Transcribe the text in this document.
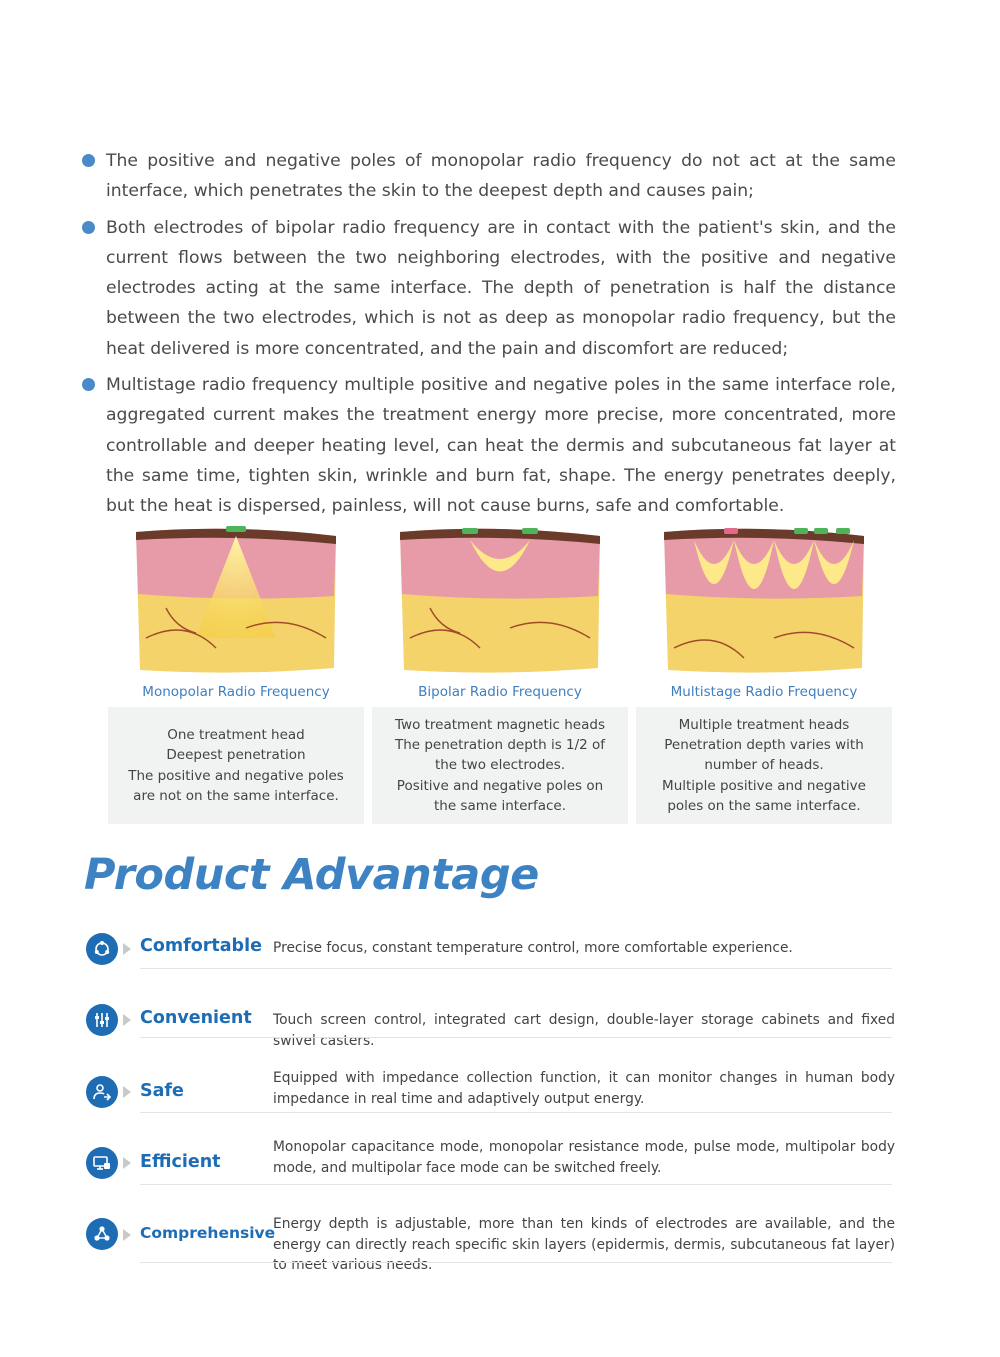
The positive and negative poles of monopolar radio frequency do not act at the same interface, which penetrates the skin to the deepest depth and causes pain;
Both electrodes of bipolar radio frequency are in contact with the patient's skin, and the current flows between the two neighboring electrodes, with the positive and negative electrodes acting at the same interface. The depth of penetration is half the distance between the two electrodes, which is not as deep as monopolar radio frequency, but the heat delivered is more concentrated, and the pain and discomfort are reduced;
Multistage radio frequency multiple positive and negative poles in the same interface role, aggregated current makes the treatment energy more precise, more concentrated, more controllable and deeper heating level, can heat the dermis and subcutaneous fat layer at the same time, tighten skin, wrinkle and burn fat, shape. The energy penetrates deeply, but the heat is dispersed, painless, will not cause burns, safe and comfortable.
Monopolar Radio Frequency
One treatment head
Deepest penetration
The positive and negative poles are not on the same interface.
Bipolar Radio Frequency
Two treatment magnetic heads
The penetration depth is 1/2 of the two electrodes.
Positive and negative poles on the same interface.
Multistage Radio Frequency
Multiple treatment heads
Penetration depth varies with number of heads.
Multiple positive and negative poles on the same interface.
Product Advantage
Comfortable Precise focus, constant temperature control, more comfortable experience.
Convenient Touch screen control, integrated cart design, double-layer storage cabinets and fixed swivel casters.
Safe
Equipped with impedance collection function, it can monitor changes in human body impedance in real time and adaptively output energy.
Efficient
Monopolar capacitance mode, monopolar resistance mode, pulse mode, multipolar body mode, and multipolar face mode can be switched freely.
Comprehensive
Energy depth is adjustable, more than ten kinds of electrodes are available, and the energy can directly reach specific skin layers (epidermis, dermis, subcutaneous fat layer) to meet various needs.
